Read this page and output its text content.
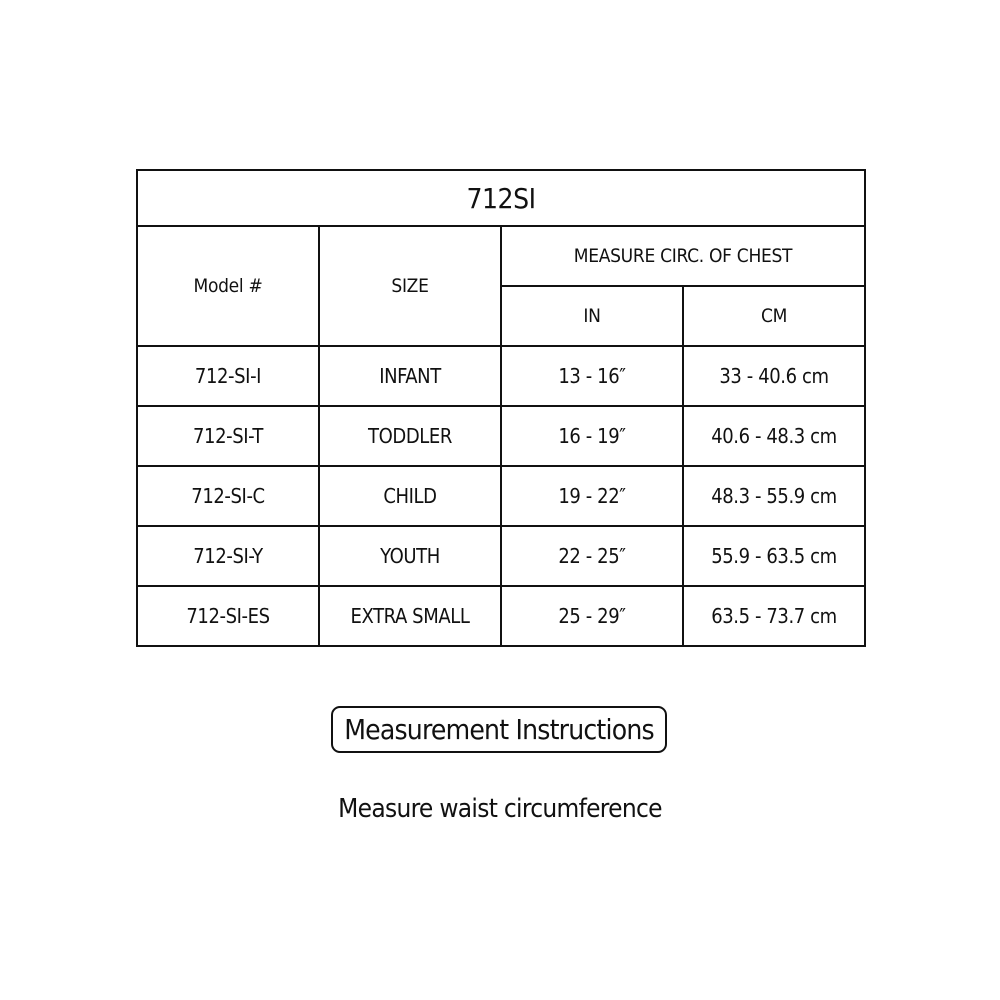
712SI			
Model #	SIZE	MEASURE CIRC. OF CHEST	
		IN	CM
712-SI-I	INFANT	13 - 16″	33 - 40.6 cm
712-SI-T	TODDLER	16 - 19″	40.6 - 48.3 cm
712-SI-C	CHILD	19 - 22″	48.3 - 55.9 cm
712-SI-Y	YOUTH	22 - 25″	55.9 - 63.5 cm
712-SI-ES	EXTRA SMALL	25 - 29″	63.5 - 73.7 cm
Measurement Instructions
Measure waist circumference
